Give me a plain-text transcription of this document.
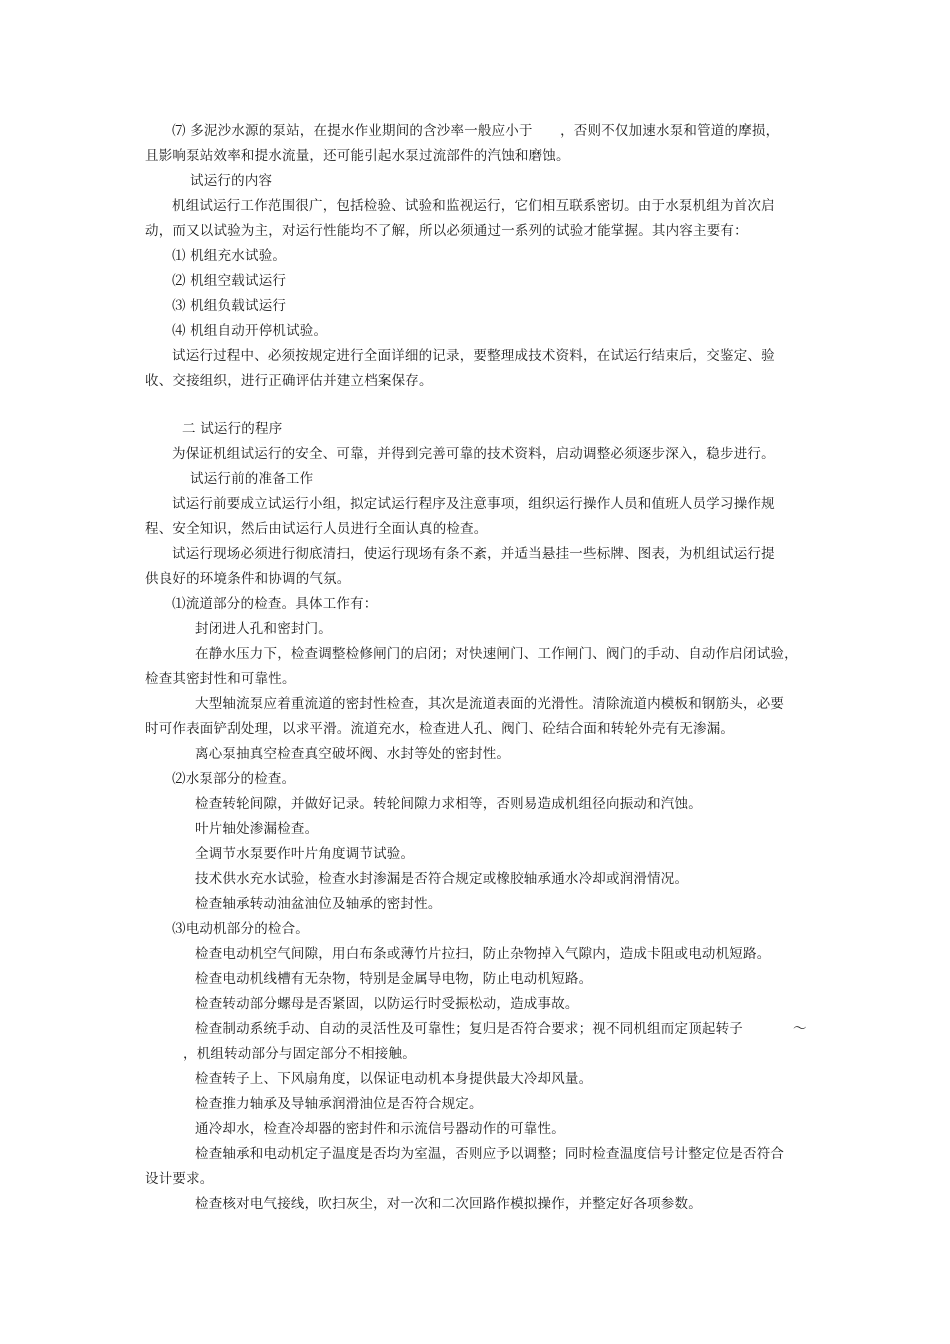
⑺ 多泥沙水源的泵站，在提水作业期间的含沙率一般应小于　　，否则不仅加速水泵和管道的摩损，
且影响泵站效率和提水流量，还可能引起水泵过流部件的汽蚀和磨蚀。
试运行的内容
机组试运行工作范围很广，包括检验、试验和监视运行，它们相互联系密切。由于水泵机组为首次启
动，而又以试验为主，对运行性能均不了解，所以必须通过一系列的试验才能掌握。其内容主要有：
⑴ 机组充水试验。
⑵ 机组空载试运行
⑶ 机组负载试运行
⑷ 机组自动开停机试验。
试运行过程中、必须按规定进行全面详细的记录，要整理成技术资料，在试运行结束后，交鉴定、验
收、交接组织，进行正确评估并建立档案保存。
二 试运行的程序
为保证机组试运行的安全、可靠，并得到完善可靠的技术资料，启动调整必须逐步深入，稳步进行。
试运行前的准备工作
试运行前要成立试运行小组，拟定试运行程序及注意事项，组织运行操作人员和值班人员学习操作规
程、安全知识，然后由试运行人员进行全面认真的检查。
试运行现场必须进行彻底清扫，使运行现场有条不紊，并适当悬挂一些标牌、图表，为机组试运行提
供良好的环境条件和协调的气氛。
⑴流道部分的检查。具体工作有：
封闭进人孔和密封门。
在静水压力下，检查调整检修闸门的启闭；对快速闸门、工作闸门、阀门的手动、自动作启闭试验，
检查其密封性和可靠性。
大型轴流泵应着重流道的密封性检查，其次是流道表面的光滑性。清除流道内模板和钢筋头，必要
时可作表面铲刮处理，以求平滑。流道充水，检查进人孔、阀门、砼结合面和转轮外壳有无渗漏。
离心泵抽真空检查真空破坏阀、水封等处的密封性。
⑵水泵部分的检查。
检查转轮间隙，并做好记录。转轮间隙力求相等，否则易造成机组径向振动和汽蚀。
叶片轴处渗漏检查。
全调节水泵要作叶片角度调节试验。
技术供水充水试验，检查水封渗漏是否符合规定或橡胶轴承通水冷却或润滑情况。
检查轴承转动油盆油位及轴承的密封性。
⑶电动机部分的检合。
检查电动机空气间隙，用白布条或薄竹片拉扫，防止杂物掉入气隙内，造成卡阻或电动机短路。
检查电动机线槽有无杂物，特别是金属导电物，防止电动机短路。
检查转动部分螺母是否紧固，以防运行时受振松动，造成事故。
检查制动系统手动、自动的灵活性及可靠性；复归是否符合要求；视不同机组而定顶起转子	～
，机组转动部分与固定部分不相接触。
检查转子上、下风扇角度，以保证电动机本身提供最大冷却风量。
检查推力轴承及导轴承润滑油位是否符合规定。
通冷却水，检查冷却器的密封件和示流信号器动作的可靠性。
检查轴承和电动机定子温度是否均为室温，否则应予以调整；同时检查温度信号计整定位是否符合
设计要求。
检查核对电气接线，吹扫灰尘，对一次和二次回路作模拟操作，并整定好各项参数。
